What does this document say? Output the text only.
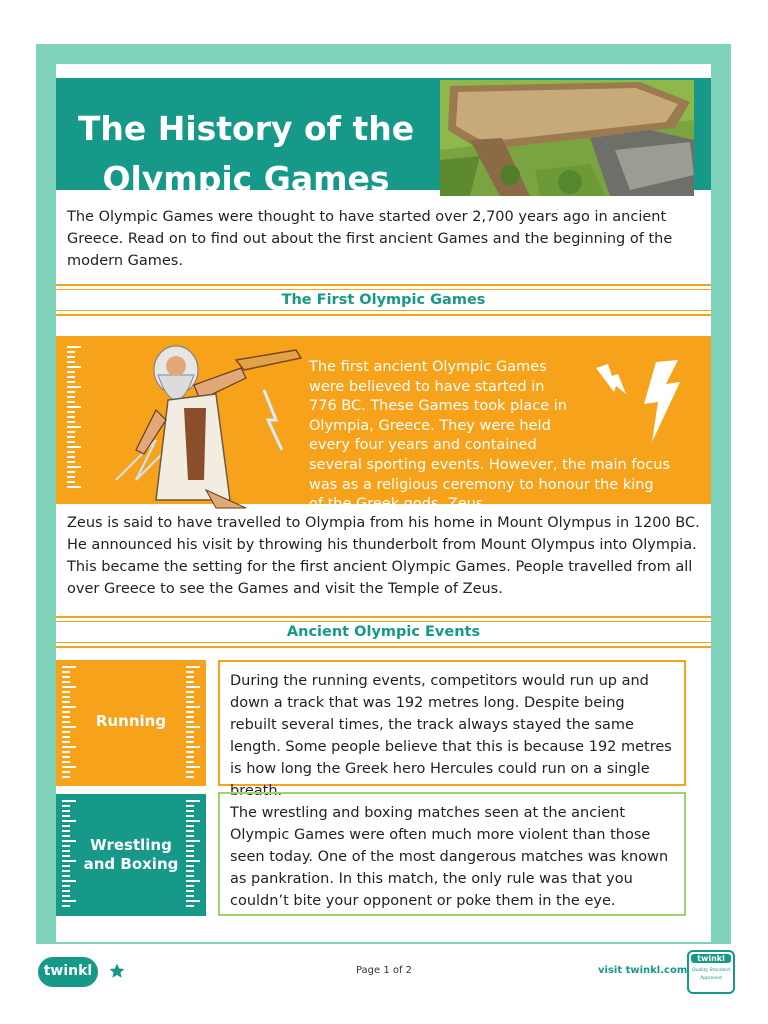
The History of the
Olympic Games

The Olympic Games were thought to have started over 2,700 years ago in ancient Greece. Read on to find out about the first ancient Games and the beginning of the modern Games.

The First Olympic Games

The first ancient Olympic Games
were believed to have started in
776 BC. These Games took place in
Olympia, Greece. They were held
every four years and contained
several sporting events. However, the main focus
was as a religious ceremony to honour the king
of the Greek gods, Zeus.

Zeus is said to have travelled to Olympia from his home in Mount Olympus in 1200 BC. He announced his visit by throwing his thunderbolt from Mount Olympus into Olympia. This became the setting for the first ancient Olympic Games. People travelled from all over Greece to see the Games and visit the Temple of Zeus.

Ancient Olympic Events
Running
During the running events, competitors would run up and down a track that was 192 metres long. Despite being rebuilt several times, the track always stayed the same length. Some people believe that this is because 192 metres is how long the Greek hero Hercules could run on a single breath.
Wrestling
and Boxing
The wrestling and boxing matches seen at the ancient Olympic Games were often much more violent than those seen today. One of the most dangerous matches was known as pankration. In this match, the only rule was that you couldn’t bite your opponent or poke them in the eye.
twinkl	Page 1 of 2	visit twinkl.com
twinkl
Quality Standard
Approved
